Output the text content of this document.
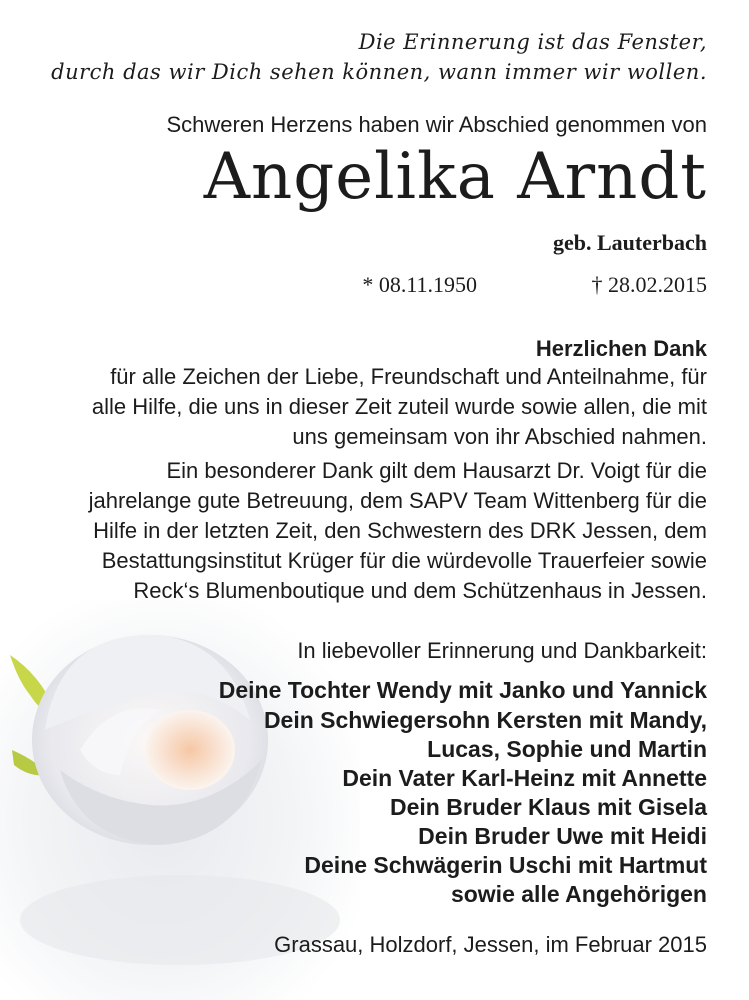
Die Erinnerung ist das Fenster,
durch das wir Dich sehen können, wann immer wir wollen.
Schweren Herzens haben wir Abschied genommen von
Angelika Arndt
geb. Lauterbach
* 08.11.1950	† 28.02.2015
Herzlichen Dank
für alle Zeichen der Liebe, Freundschaft und Anteilnahme, für
alle Hilfe, die uns in dieser Zeit zuteil wurde sowie allen, die mit
uns gemeinsam von ihr Abschied nahmen.
Ein besonderer Dank gilt dem Hausarzt Dr. Voigt für die
jahrelange gute Betreuung, dem SAPV Team Wittenberg für die
Hilfe in der letzten Zeit, den Schwestern des DRK Jessen, dem
Bestattungsinstitut Krüger für die würdevolle Trauerfeier sowie
Reck‘s Blumenboutique und dem Schützenhaus in Jessen.
In liebevoller Erinnerung und Dankbarkeit:
Deine Tochter Wendy mit Janko und Yannick
Dein Schwiegersohn Kersten mit Mandy,
Lucas, Sophie und Martin
Dein Vater Karl-Heinz mit Annette
Dein Bruder Klaus mit Gisela
Dein Bruder Uwe mit Heidi
Deine Schwägerin Uschi mit Hartmut
sowie alle Angehörigen
Grassau, Holzdorf, Jessen, im Februar 2015
